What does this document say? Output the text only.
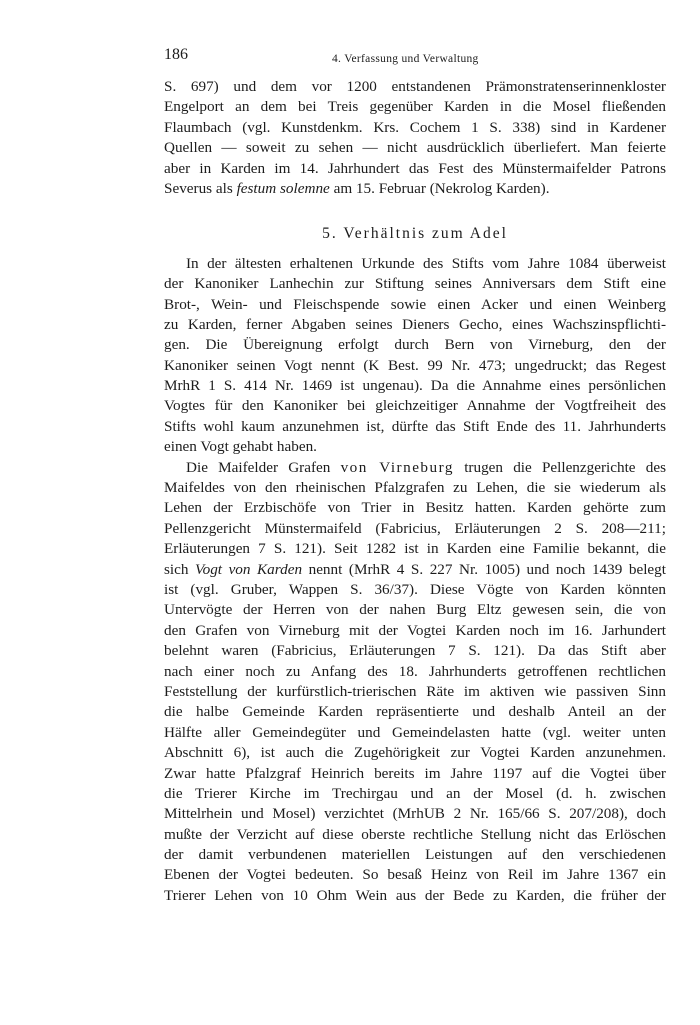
186	4. Verfassung und Verwaltung
S. 697) und dem vor 1200 entstandenen Prämonstratenserinnenkloster
Engelport an dem bei Treis gegenüber Karden in die Mosel fließenden
Flaumbach (vgl. Kunstdenkm. Krs. Cochem 1 S. 338) sind in Kardener
Quellen — soweit zu sehen — nicht ausdrücklich überliefert. Man feierte
aber in Karden im 14. Jahrhundert das Fest des Münstermaifelder Patrons
Severus als festum solemne am 15. Februar (Nekrolog Karden).
5. Verhältnis zum Adel
In der ältesten erhaltenen Urkunde des Stifts vom Jahre 1084 überweist
der Kanoniker Lanhechin zur Stiftung seines Anniversars dem Stift eine
Brot-, Wein- und Fleischspende sowie einen Acker und einen Weinberg
zu Karden, ferner Abgaben seines Dieners Gecho, eines Wachszinspflichti-
gen. Die Übereignung erfolgt durch Bern von Virneburg, den der
Kanoniker seinen Vogt nennt (K Best. 99 Nr. 473; ungedruckt; das Regest
MrhR 1 S. 414 Nr. 1469 ist ungenau). Da die Annahme eines persönlichen
Vogtes für den Kanoniker bei gleichzeitiger Annahme der Vogtfreiheit des
Stifts wohl kaum anzunehmen ist, dürfte das Stift Ende des 11. Jahrhunderts
einen Vogt gehabt haben.
Die Maifelder Grafen von Virneburg trugen die Pellenzgerichte des
Maifeldes von den rheinischen Pfalzgrafen zu Lehen, die sie wiederum als
Lehen der Erzbischöfe von Trier in Besitz hatten. Karden gehörte zum
Pellenzgericht Münstermaifeld (Fabricius, Erläuterungen 2 S. 208—211;
Erläuterungen 7 S. 121). Seit 1282 ist in Karden eine Familie bekannt, die
sich Vogt von Karden nennt (MrhR 4 S. 227 Nr. 1005) und noch 1439 belegt
ist (vgl. Gruber, Wappen S. 36/37). Diese Vögte von Karden könnten
Untervögte der Herren von der nahen Burg Eltz gewesen sein, die von
den Grafen von Virneburg mit der Vogtei Karden noch im 16. Jarhundert
belehnt waren (Fabricius, Erläuterungen 7 S. 121). Da das Stift aber
nach einer noch zu Anfang des 18. Jahrhunderts getroffenen rechtlichen
Feststellung der kurfürstlich-trierischen Räte im aktiven wie passiven Sinn
die halbe Gemeinde Karden repräsentierte und deshalb Anteil an der
Hälfte aller Gemeindegüter und Gemeindelasten hatte (vgl. weiter unten
Abschnitt 6), ist auch die Zugehörigkeit zur Vogtei Karden anzunehmen.
Zwar hatte Pfalzgraf Heinrich bereits im Jahre 1197 auf die Vogtei über
die Trierer Kirche im Trechirgau und an der Mosel (d. h. zwischen
Mittelrhein und Mosel) verzichtet (MrhUB 2 Nr. 165/66 S. 207/208), doch
mußte der Verzicht auf diese oberste rechtliche Stellung nicht das Erlöschen
der damit verbundenen materiellen Leistungen auf den verschiedenen
Ebenen der Vogtei bedeuten. So besaß Heinz von Reil im Jahre 1367 ein
Trierer Lehen von 10 Ohm Wein aus der Bede zu Karden, die früher der
